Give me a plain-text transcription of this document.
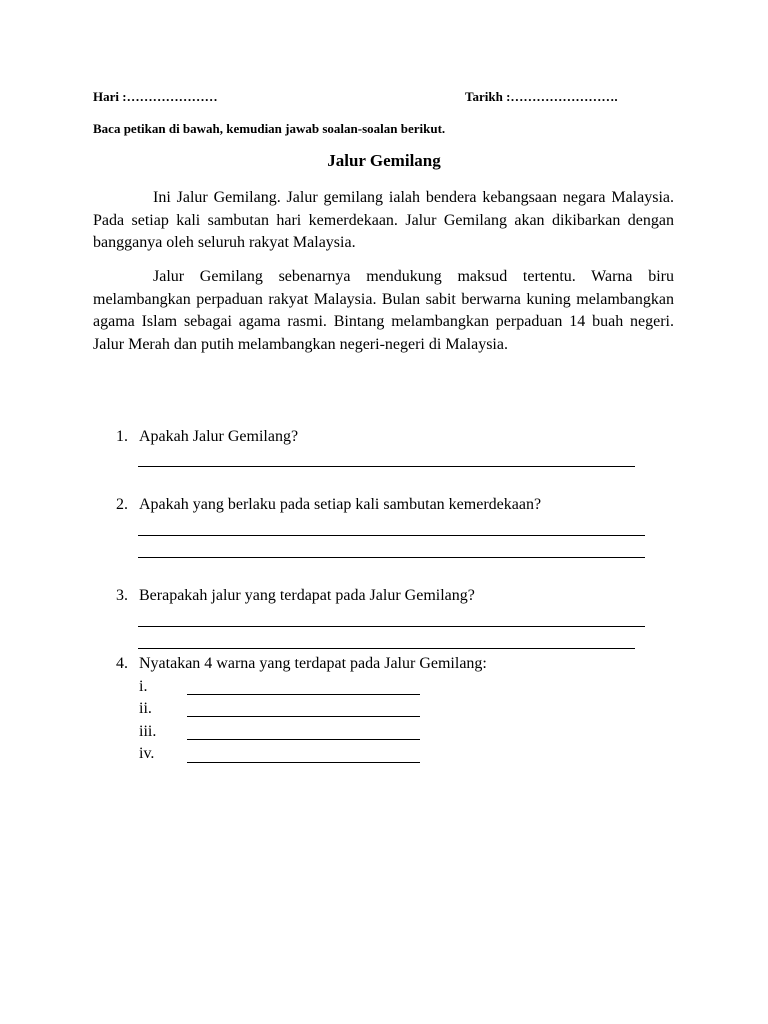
Hari :…………………	Tarikh :…………………….
Baca petikan di bawah, kemudian jawab soalan-soalan berikut.
Jalur Gemilang

Ini Jalur Gemilang. Jalur gemilang ialah bendera kebangsaan negara Malaysia. Pada setiap kali sambutan hari kemerdekaan. Jalur Gemilang akan dikibarkan dengan bangganya oleh seluruh rakyat Malaysia.

Jalur Gemilang sebenarnya mendukung maksud tertentu. Warna biru melambangkan perpaduan rakyat Malaysia. Bulan sabit berwarna kuning melambangkan agama Islam sebagai agama rasmi. Bintang melambangkan perpaduan 14 buah negeri. Jalur Merah dan putih melambangkan negeri-negeri di Malaysia.

1. Apakah Jalur Gemilang?
2. Apakah yang berlaku pada setiap kali sambutan kemerdekaan?
3. Berapakah jalur yang terdapat pada Jalur Gemilang?
4. Nyatakan 4 warna yang terdapat pada Jalur Gemilang:
i.
ii.
iii.
iv.
